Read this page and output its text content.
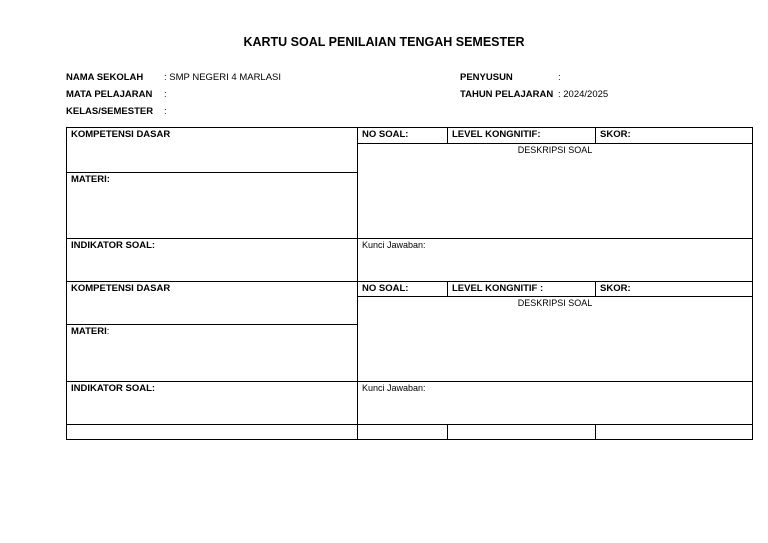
KARTU SOAL PENILAIAN TENGAH SEMESTER
NAMA SEKOLAH	: SMP NEGERI 4 MARLASI
MATA PELAJARAN	:
KELAS/SEMESTER	:
PENYUSUN	:
TAHUN PELAJARAN : 2024/2025
KOMPETENSI DASAR	NO SOAL:	LEVEL KONGNITIF:	SKOR:
	DESKRIPSI SOAL		
MATERI:			
INDIKATOR SOAL:	Kunci Jawaban:		
KOMPETENSI DASAR	NO SOAL:	LEVEL KONGNITIF :	SKOR:
	DESKRIPSI SOAL		
MATERI:			
INDIKATOR SOAL:	Kunci Jawaban:		
